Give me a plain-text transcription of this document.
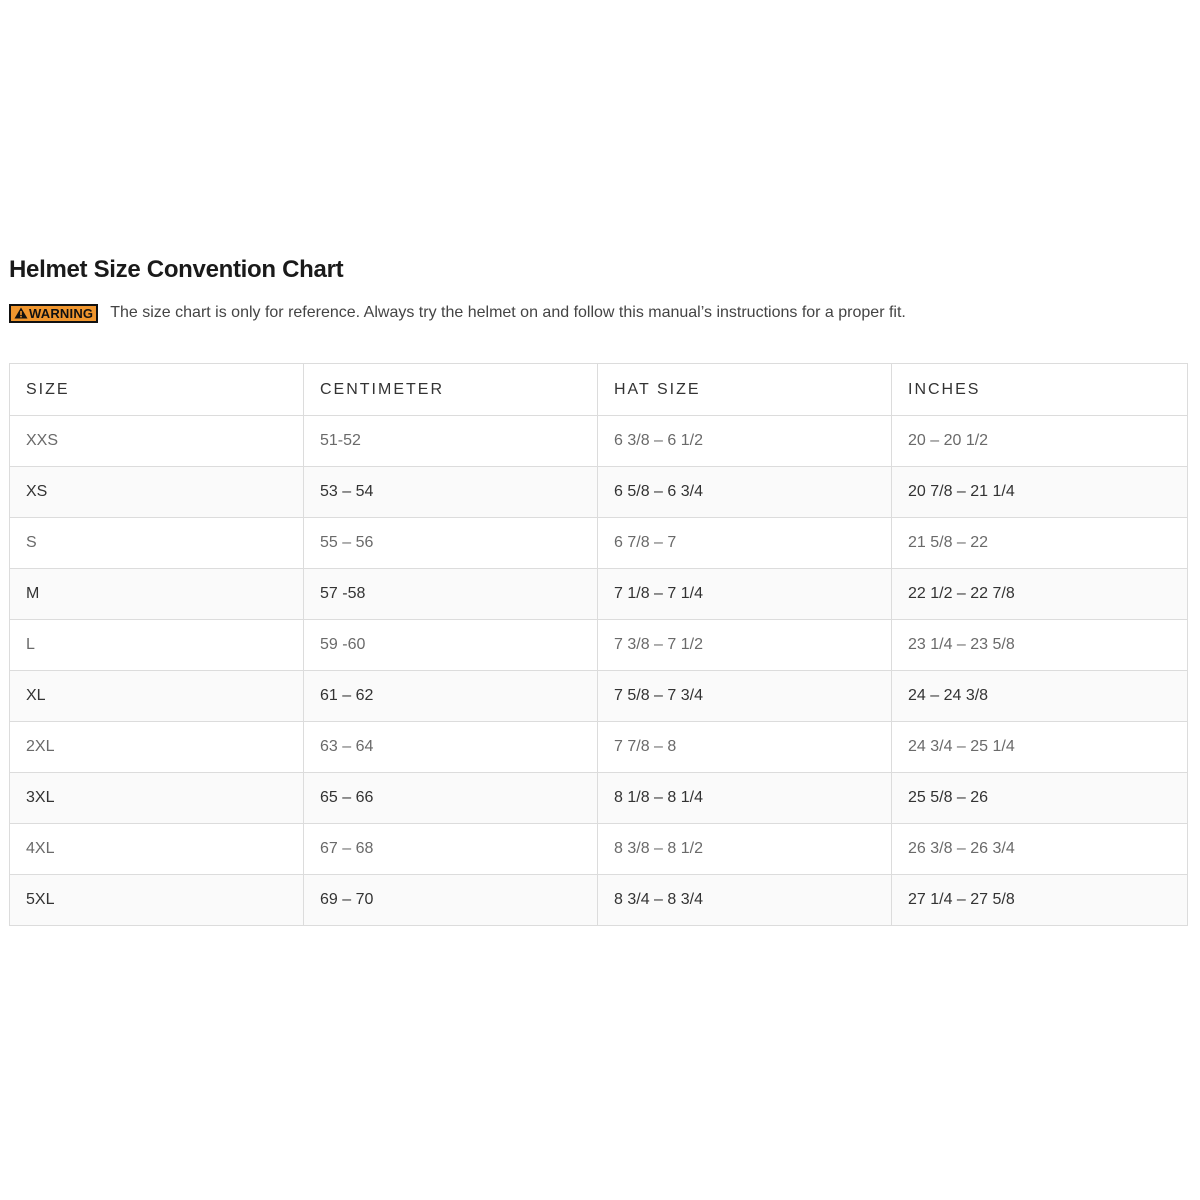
Helmet Size Convention Chart
WARNING The size chart is only for reference. Always try the helmet on and follow this manual’s instructions for a proper fit.
SIZE	CENTIMETER	HAT SIZE	INCHES
XXS	51-52	6 3/8 – 6 1/2	20 – 20 1/2
XS	53 – 54	6 5/8 – 6 3/4	20 7/8 – 21 1/4
S	55 – 56	6 7/8 – 7	21 5/8 – 22
M	57 -58	7 1/8 – 7 1/4	22 1/2 – 22 7/8
L	59 -60	7 3/8 – 7 1/2	23 1/4 – 23 5/8
XL	61 – 62	7 5/8 – 7 3/4	24 – 24 3/8
2XL	63 – 64	7 7/8 – 8	24 3/4 – 25 1/4
3XL	65 – 66	8 1/8 – 8 1/4	25 5/8 – 26
4XL	67 – 68	8 3/8 – 8 1/2	26 3/8 – 26 3/4
5XL	69 – 70	8 3/4 – 8 3/4	27 1/4 – 27 5/8
